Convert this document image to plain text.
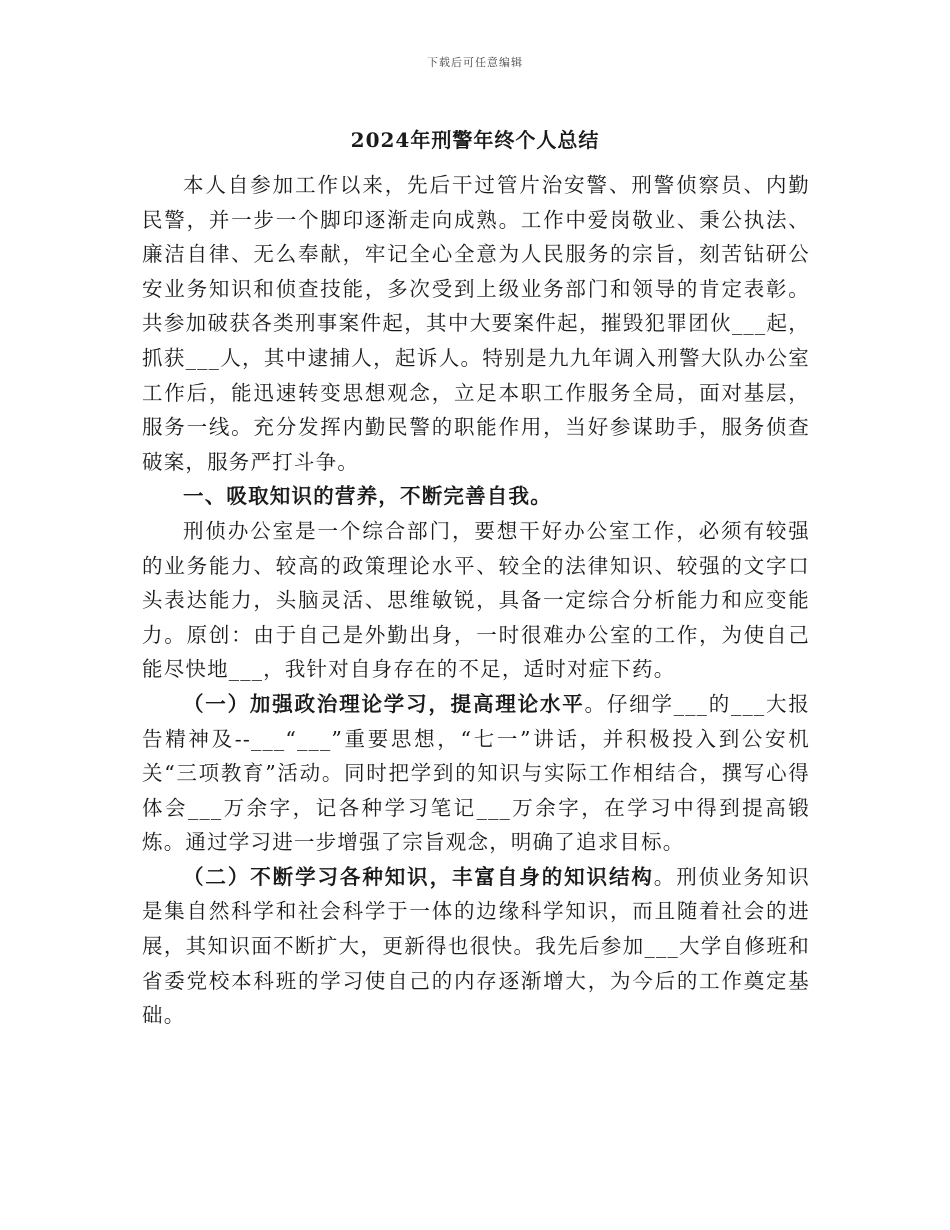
下载后可任意编辑
2024年刑警年终个人总结

本人自参加工作以来，先后干过管片治安警、刑警侦察员、内勤民警，并一步一个脚印逐渐走向成熟。工作中爱岗敬业、秉公执法、廉洁自律、无么奉献，牢记全心全意为人民服务的宗旨，刻苦钻研公安业务知识和侦查技能，多次受到上级业务部门和领导的肯定表彰。共参加破获各类刑事案件起，其中大要案件起，摧毁犯罪团伙___起，抓获___人，其中逮捕人，起诉人。特别是九九年调入刑警大队办公室工作后，能迅速转变思想观念，立足本职工作服务全局，面对基层，服务一线。充分发挥内勤民警的职能作用，当好参谋助手，服务侦查破案，服务严打斗争。

一、吸取知识的营养，不断完善自我。

刑侦办公室是一个综合部门，要想干好办公室工作，必须有较强的业务能力、较高的政策理论水平、较全的法律知识、较强的文字口头表达能力，头脑灵活、思维敏锐，具备一定综合分析能力和应变能力。原创：由于自己是外勤出身，一时很难办公室的工作，为使自己能尽快地___，我针对自身存在的不足，适时对症下药。

（一）加强政治理论学习，提高理论水平。仔细学___的___大报告精神及--___“___”重要思想，“七一”讲话，并积极投入到公安机关“三项教育”活动。同时把学到的知识与实际工作相结合，撰写心得体会___万余字，记各种学习笔记___万余字，在学习中得到提高锻炼。通过学习进一步增强了宗旨观念，明确了追求目标。

（二）不断学习各种知识，丰富自身的知识结构。刑侦业务知识是集自然科学和社会科学于一体的边缘科学知识，而且随着社会的进展，其知识面不断扩大，更新得也很快。我先后参加___大学自修班和省委党校本科班的学习使自己的内存逐渐增大，为今后的工作奠定基础。
